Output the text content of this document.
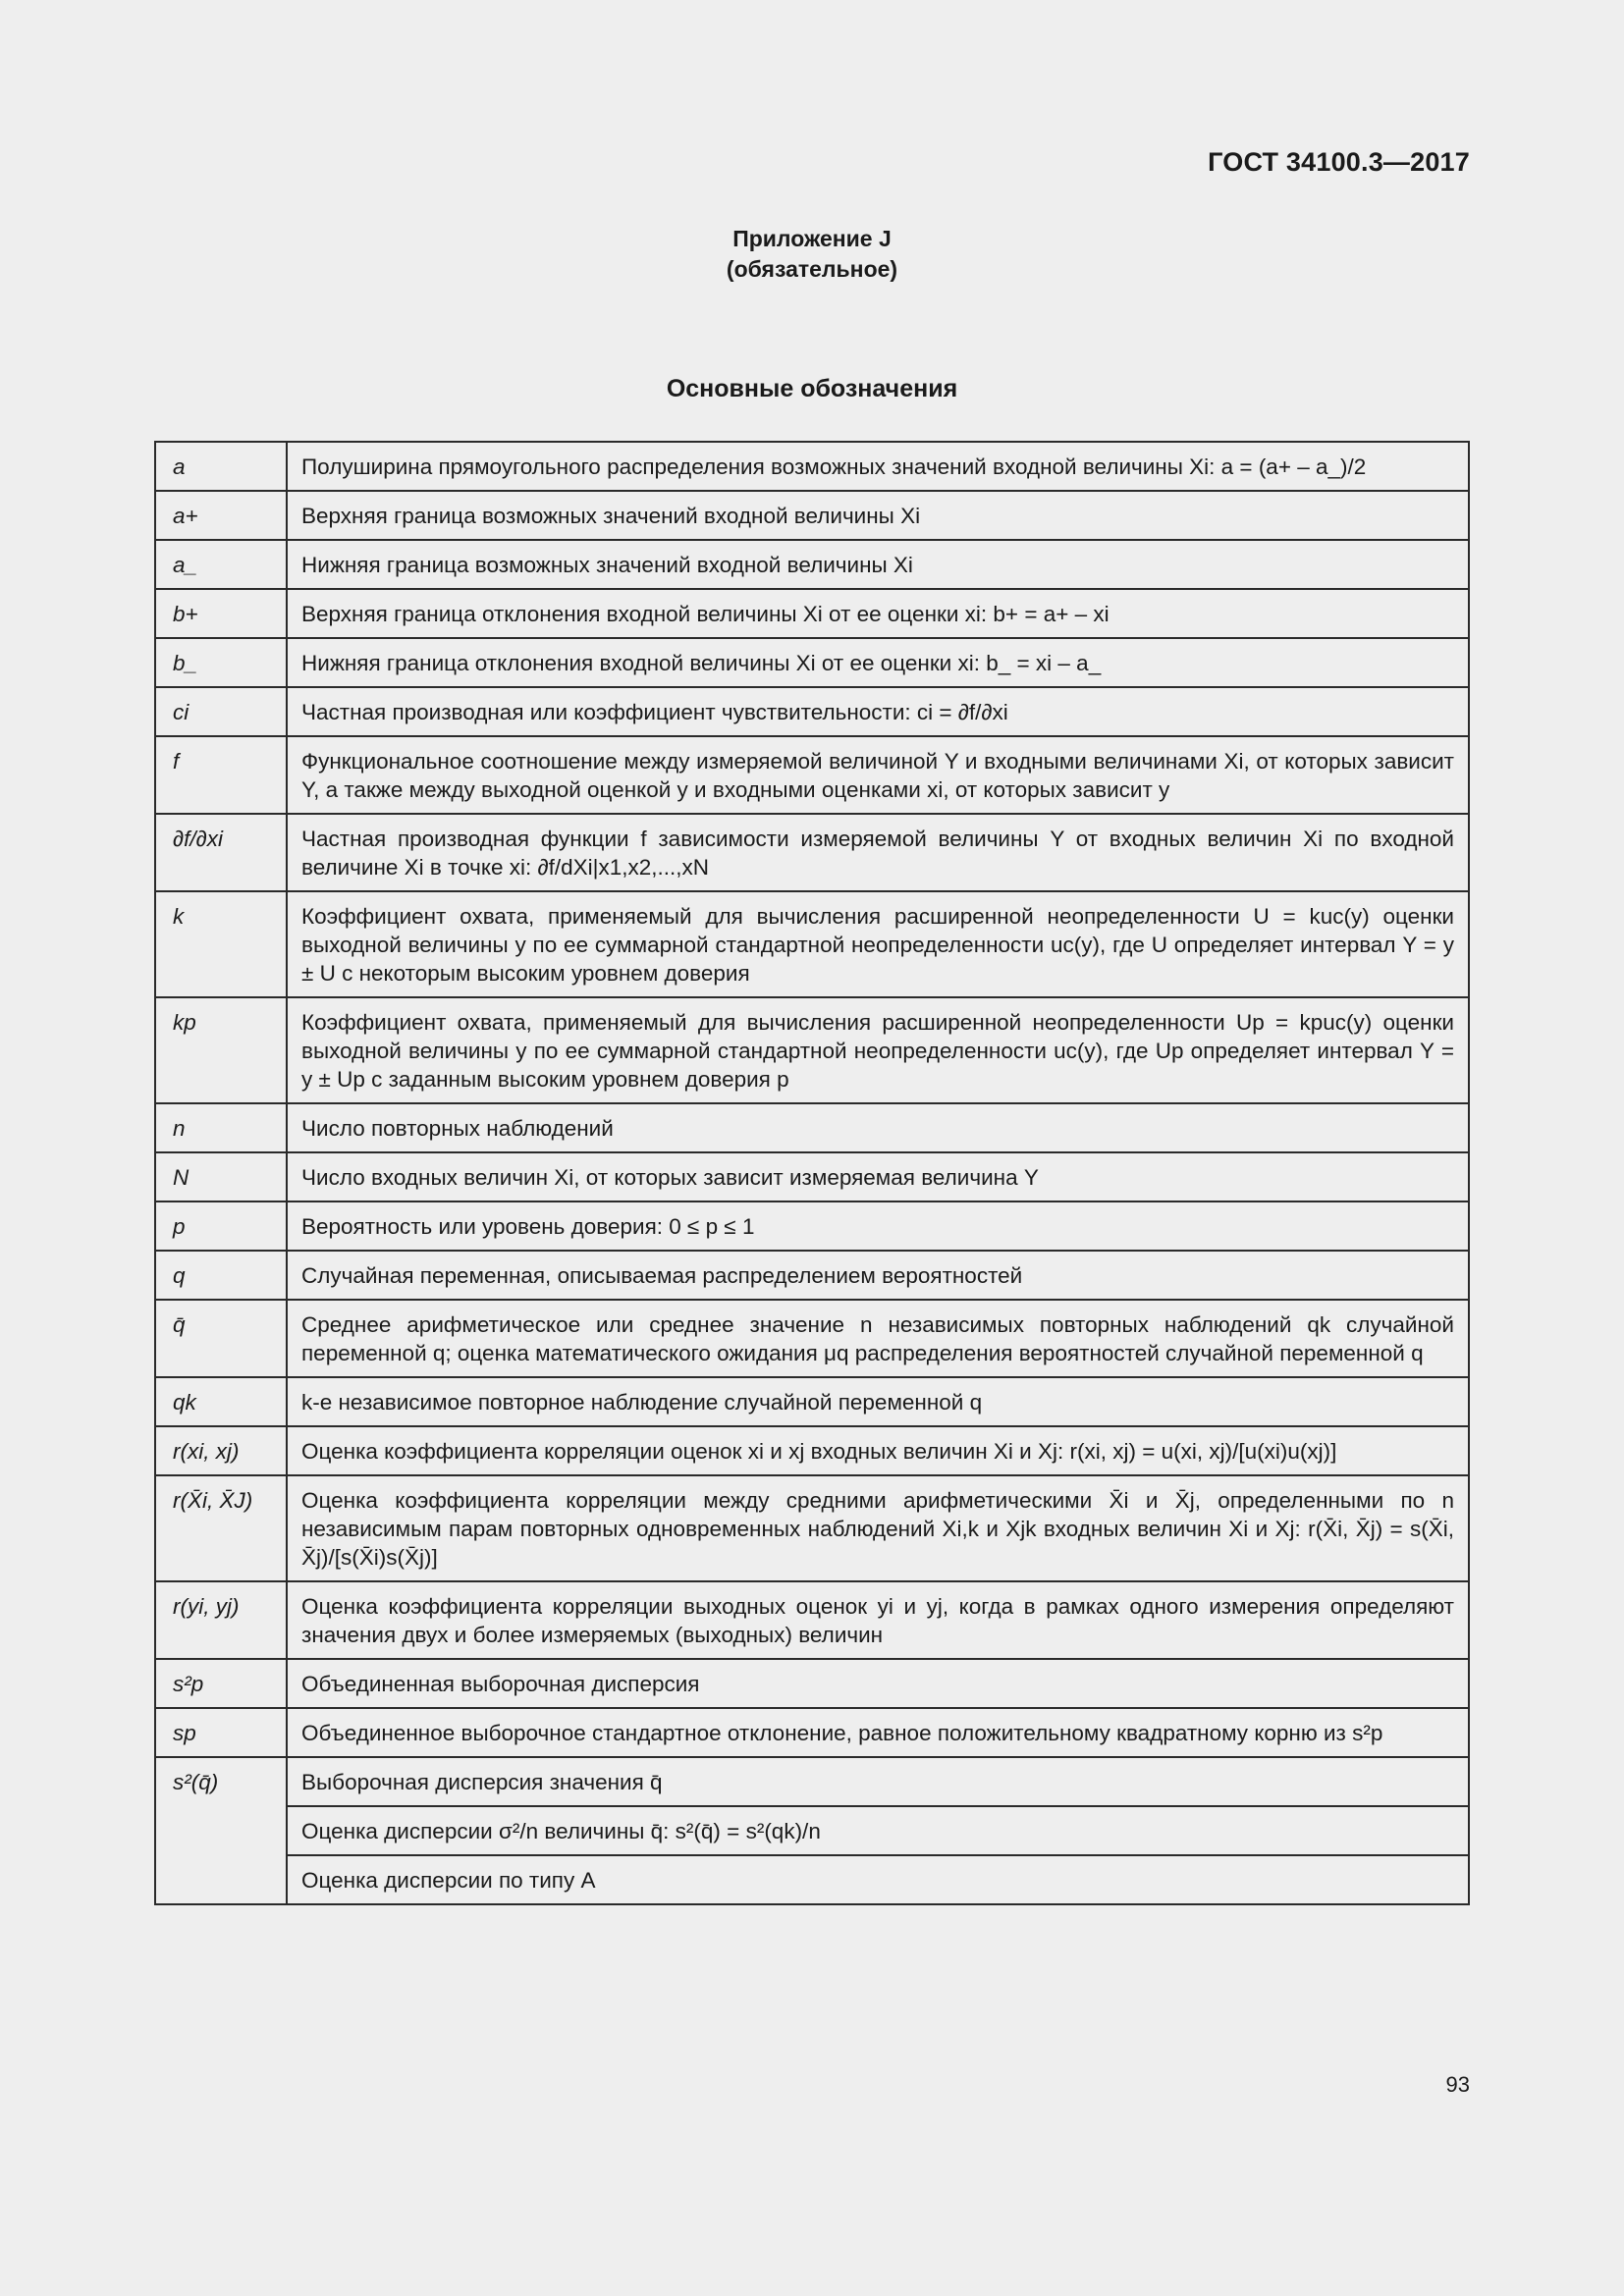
ГОСТ 34100.3—2017
Приложение J
(обязательное)
Основные обозначения
a	Полуширина прямоугольного распределения возможных значений входной величины Xi: a = (a+ – a_)/2
a+	Верхняя граница возможных значений входной величины Xi
a_	Нижняя граница возможных значений входной величины Xi
b+	Верхняя граница отклонения входной величины Xi от ее оценки xi: b+ = a+ – xi
b_	Нижняя граница отклонения входной величины Xi от ее оценки xi: b_ = xi – a_
ci	Частная производная или коэффициент чувствительности: ci = ∂f/∂xi
f	Функциональное соотношение между измеряемой величиной Y и входными величинами Xi, от которых зависит Y, а также между выходной оценкой y и входными оценками xi, от которых зависит y
∂f/∂xi	Частная производная функции f зависимости измеряемой величины Y от входных величин Xi по входной величине Xi в точке xi: ∂f/dXi|x1,x2,...,xN
k	Коэффициент охвата, применяемый для вычисления расширенной неопределенности U = kuc(y) оценки выходной величины y по ее суммарной стандартной неопределенности uc(y), где U определяет интервал Y = y ± U с некоторым высоким уровнем доверия
kp	Коэффициент охвата, применяемый для вычисления расширенной неопределенности Up = kpuc(y) оценки выходной величины y по ее суммарной стандартной неопределенности uc(y), где Up определяет интервал Y = y ± Up с заданным высоким уровнем доверия p
n	Число повторных наблюдений
N	Число входных величин Xi, от которых зависит измеряемая величина Y
p	Вероятность или уровень доверия: 0 ≤ p ≤ 1
q	Случайная переменная, описываемая распределением вероятностей
q̄	Среднее арифметическое или среднее значение n независимых повторных наблюдений qk случайной переменной q; оценка математического ожидания μq распределения вероятностей случайной переменной q
qk	k-е независимое повторное наблюдение случайной переменной q
r(xi, xj)	Оценка коэффициента корреляции оценок xi и xj входных величин Xi и Xj: r(xi, xj) = u(xi, xj)/[u(xi)u(xj)]
r(X̄i, X̄J)	Оценка коэффициента корреляции между средними арифметическими X̄i и X̄j, определенными по n независимым парам повторных одновременных наблюдений Xi,k и Xjk входных величин Xi и Xj: r(X̄i, X̄j) = s(X̄i, X̄j)/[s(X̄i)s(X̄j)]
r(yi, yj)	Оценка коэффициента корреляции выходных оценок yi и yj, когда в рамках одного измерения определяют значения двух и более измеряемых (выходных) величин
s²p	Объединенная выборочная дисперсия
sp	Объединенное выборочное стандартное отклонение, равное положительному квадратному корню из s²p
s²(q̄)	Выборочная дисперсия значения q̄
	Оценка дисперсии σ²/n величины q̄: s²(q̄) = s²(qk)/n
	Оценка дисперсии по типу А
93
